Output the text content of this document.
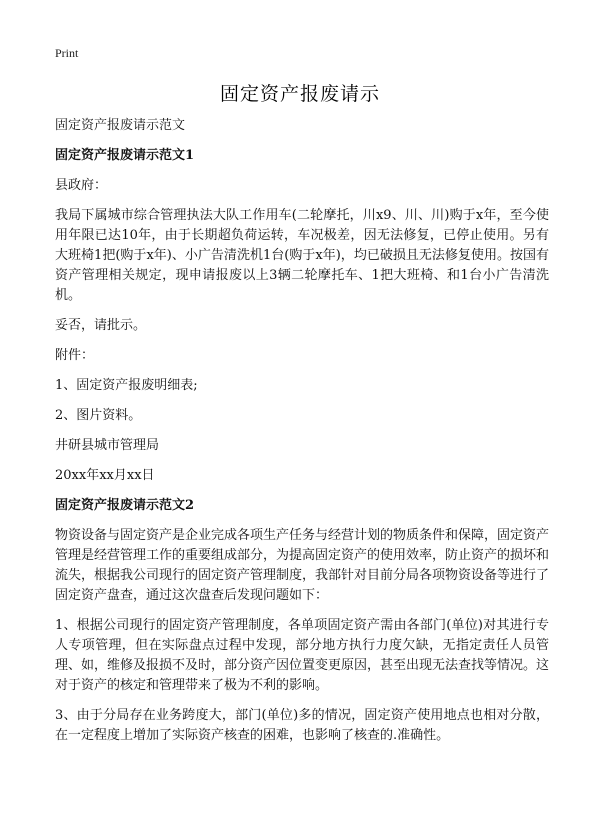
Print
固定资产报废请示

固定资产报废请示范文

固定资产报废请示范文1

县政府：

我局下属城市综合管理执法大队工作用车(二轮摩托，川x9、川、川)购于x年，至今使用年限已达10年，由于长期超负荷运转，车况极差，因无法修复，已停止使用。另有大班椅1把(购于x年)、小广告清洗机1台(购于x年)，均已破损且无法修复使用。按国有资产管理相关规定，现申请报废以上3辆二轮摩托车、1把大班椅、和1台小广告清洗机。

妥否，请批示。

附件：

1、固定资产报废明细表;

2、图片资料。

井研县城市管理局

20xx年xx月xx日

固定资产报废请示范文2

物资设备与固定资产是企业完成各项生产任务与经营计划的物质条件和保障，固定资产管理是经营管理工作的重要组成部分，为提高固定资产的使用效率，防止资产的损坏和流失，根据我公司现行的固定资产管理制度，我部针对目前分局各项物资设备等进行了固定资产盘查，通过这次盘查后发现问题如下：

1、根据公司现行的固定资产管理制度，各单项固定资产需由各部门(单位)对其进行专人专项管理，但在实际盘点过程中发现，部分地方执行力度欠缺，无指定责任人员管理、如，维修及报损不及时，部分资产因位置变更原因，甚至出现无法查找等情况。这对于资产的核定和管理带来了极为不利的影响。

3、由于分局存在业务跨度大，部门(单位)多的情况，固定资产使用地点也相对分散，在一定程度上增加了实际资产核查的困难，也影响了核查的.准确性。
